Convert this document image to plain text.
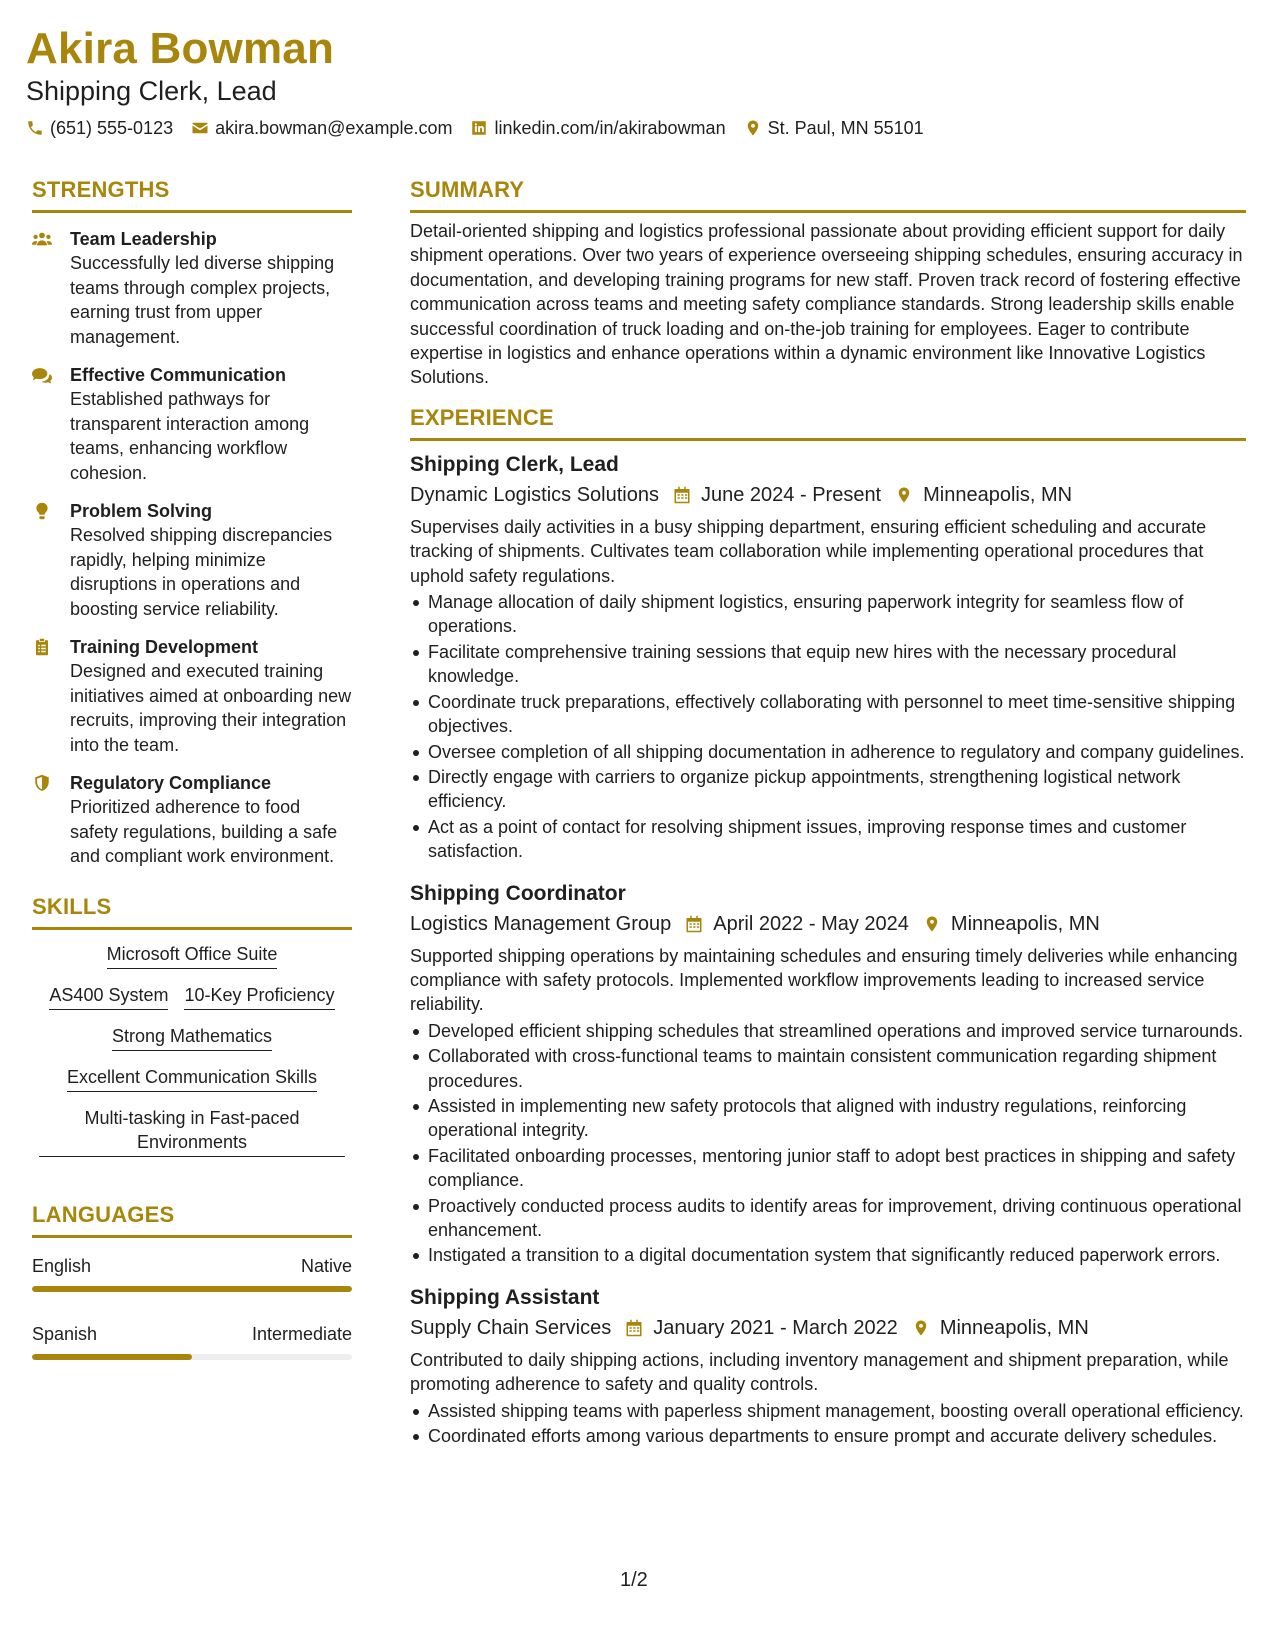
Akira Bowman
Shipping Clerk, Lead
(651) 555-0123 akira.bowman@example.com linkedin.com/in/akirabowman St. Paul, MN 55101
STRENGTHS
Team Leadership
Successfully led diverse shipping teams through complex projects, earning trust from upper management.
Effective Communication
Established pathways for transparent interaction among teams, enhancing workflow cohesion.
Problem Solving
Resolved shipping discrepancies rapidly, helping minimize disruptions in operations and boosting service reliability.
Training Development
Designed and executed training initiatives aimed at onboarding new recruits, improving their integration into the team.
Regulatory Compliance
Prioritized adherence to food safety regulations, building a safe and compliant work environment.
SKILLS
Microsoft Office Suite
AS400 System 10-Key Proficiency
Strong Mathematics
Excellent Communication Skills
Multi-tasking in Fast-paced Environments
LANGUAGES
English	Native
Spanish	Intermediate
SUMMARY
Detail-oriented shipping and logistics professional passionate about providing efficient support for daily shipment operations. Over two years of experience overseeing shipping schedules, ensuring accuracy in documentation, and developing training programs for new staff. Proven track record of fostering effective communication across teams and meeting safety compliance standards. Strong leadership skills enable successful coordination of truck loading and on-the-job training for employees. Eager to contribute expertise in logistics and enhance operations within a dynamic environment like Innovative Logistics Solutions.
EXPERIENCE
Shipping Clerk, Lead
Dynamic Logistics Solutions June 2024 - Present Minneapolis, MN
Supervises daily activities in a busy shipping department, ensuring efficient scheduling and accurate tracking of shipments. Cultivates team collaboration while implementing operational procedures that uphold safety regulations.
Manage allocation of daily shipment logistics, ensuring paperwork integrity for seamless flow of operations.
Facilitate comprehensive training sessions that equip new hires with the necessary procedural knowledge.
Coordinate truck preparations, effectively collaborating with personnel to meet time-sensitive shipping objectives.
Oversee completion of all shipping documentation in adherence to regulatory and company guidelines.
Directly engage with carriers to organize pickup appointments, strengthening logistical network efficiency.
Act as a point of contact for resolving shipment issues, improving response times and customer satisfaction.
Shipping Coordinator
Logistics Management Group April 2022 - May 2024 Minneapolis, MN
Supported shipping operations by maintaining schedules and ensuring timely deliveries while enhancing compliance with safety protocols. Implemented workflow improvements leading to increased service reliability.
Developed efficient shipping schedules that streamlined operations and improved service turnarounds.
Collaborated with cross-functional teams to maintain consistent communication regarding shipment procedures.
Assisted in implementing new safety protocols that aligned with industry regulations, reinforcing operational integrity.
Facilitated onboarding processes, mentoring junior staff to adopt best practices in shipping and safety compliance.
Proactively conducted process audits to identify areas for improvement, driving continuous operational enhancement.
Instigated a transition to a digital documentation system that significantly reduced paperwork errors.
Shipping Assistant
Supply Chain Services January 2021 - March 2022 Minneapolis, MN
Contributed to daily shipping actions, including inventory management and shipment preparation, while promoting adherence to safety and quality controls.
Assisted shipping teams with paperless shipment management, boosting overall operational efficiency.
Coordinated efforts among various departments to ensure prompt and accurate delivery schedules.
1/2
